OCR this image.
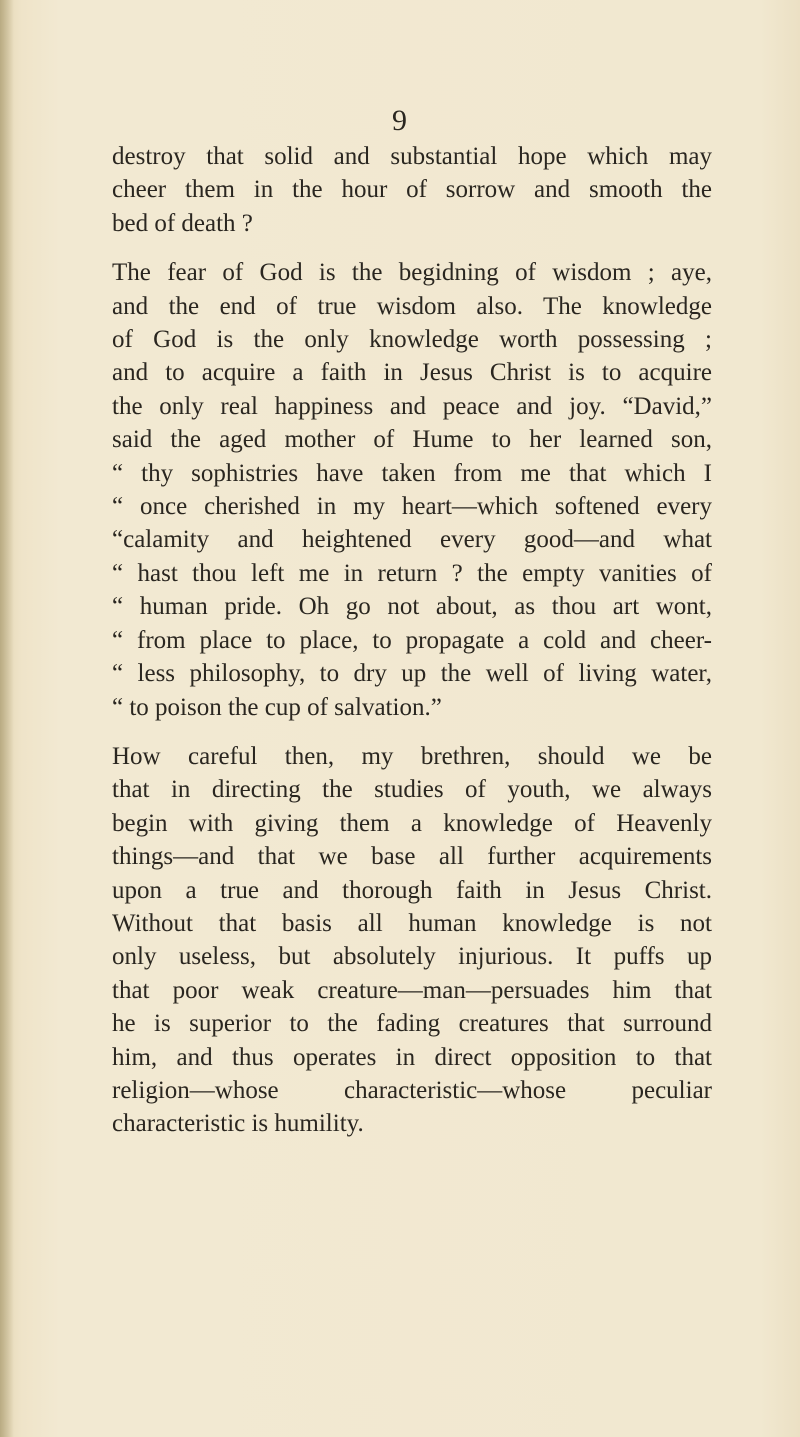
9
destroy that solid and substantial hope which may
cheer them in the hour of sorrow and smooth the
bed of death ?
The fear of God is the begidning of wisdom ; aye,
and the end of true wisdom also. The knowledge
of God is the only knowledge worth possessing ;
and to acquire a faith in Jesus Christ is to acquire
the only real happiness and peace and joy. “David,”
said the aged mother of Hume to her learned son,
“ thy sophistries have taken from me that which I
“ once cherished in my heart—which softened every
“calamity and heightened every good—and what
“ hast thou left me in return ? the empty vanities of
“ human pride. Oh go not about, as thou art wont,
“ from place to place, to propagate a cold and cheer-
“ less philosophy, to dry up the well of living water,
“ to poison the cup of salvation.”
How careful then, my brethren, should we be
that in directing the studies of youth, we always
begin with giving them a knowledge of Heavenly
things—and that we base all further acquirements
upon a true and thorough faith in Jesus Christ.
Without that basis all human knowledge is not
only useless, but absolutely injurious. It puffs up
that poor weak creature—man—persuades him that
he is superior to the fading creatures that surround
him, and thus operates in direct opposition to that
religion—whose characteristic—whose peculiar
characteristic is humility.
